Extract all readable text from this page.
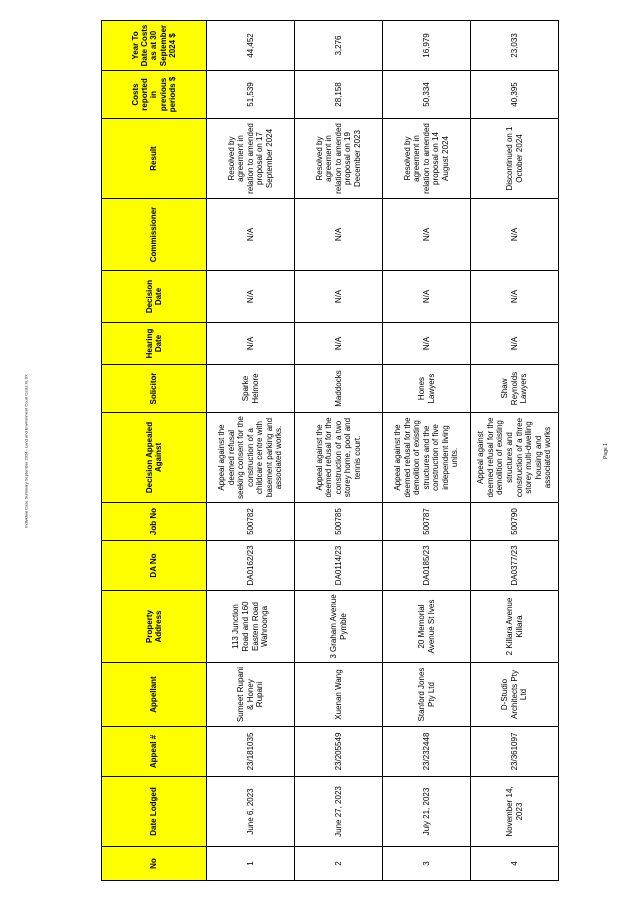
Individual Case Summary September 2024 - Land and Environment Court Costs.XLSX
No	Date Lodged	Appeal #	Appellant	Property Address	DA No	Job No	Decision Appealed Against	Solicitor	Hearing Date	Decision Date	Commissioner	Result	Costs reported in previous periods $	Year To Date Costs as at 30 September 2024 $
1	June 6, 2023	23/181035	Sumeet Rupani & Honey Rupani	113 Junction Road and 160 Eastern Road Wahroonga	DA0162/23	500782	Appeal against the deemed refusal seeking consent for the construction of a childcare centre with basement parking and associated works.	Sparke Helmore	N/A	N/A	N/A	Resolved by agreement in relation to amended proposal on 17 September 2024	51,539	44,452
2	June 27, 2023	23/205549	Xuenan Wang	3 Graham Avenue Pymble	DA0114/23	500785	Appeal against the deemed refusal for the construction of a two storey home, pool and tennis court.	Maddocks	N/A	N/A	N/A	Resolved by agreement in relation to amended proposal on 19 December 2023	28,158	3,276
3	July 21, 2023	23/232448	Stanford Jones Pty Ltd	20 Memorial Avenue St Ives	DA0185/23	500787	Appeal against the deemed refusal for the demolition of existing structures and the construction of five independent living units.	Hones Lawyers	N/A	N/A	N/A	Resolved by agreement in relation to amended proposal on 14 August 2024	50,334	16,979
4	November 14, 2023	23/361097	D-Studio Architects Pty Ltd	2 Killara Avenue Killara	DA0377/23	500790	Appeal against deemed refusal for the demolition of existing structures and construction of a three storey multi-dwelling housing and associated works	Shaw Reynolds Lawyers	N/A	N/A	N/A	Discontinued on 1 October 2024	40,395	23,033
Page 1
